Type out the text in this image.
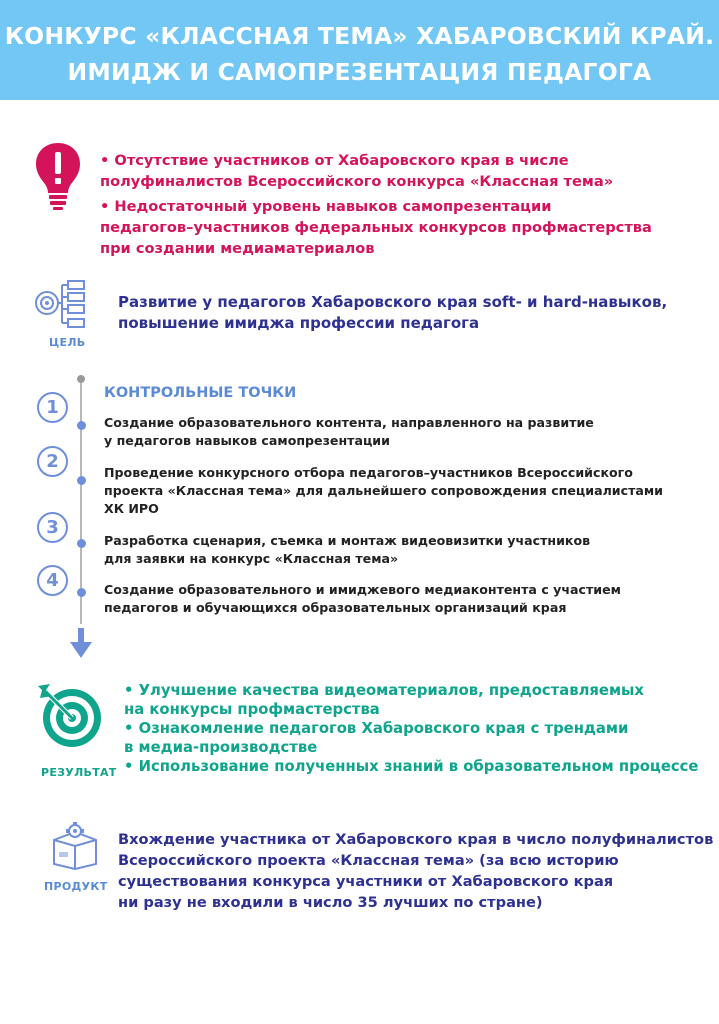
КОНКУРС «КЛАССНАЯ ТЕМА» ХАБАРОВСКИЙ КРАЙ.
ИМИДЖ И САМОПРЕЗЕНТАЦИЯ ПЕДАГОГА
• Отсутствие участников от Хабаровского края в числе
полуфиналистов Всероссийского конкурса «Классная тема»
• Недостаточный уровень навыков самопрезентации
педагогов–участников федеральных конкурсов профмастерства
при создании медиаматериалов
ЦЕЛЬ
Развитие у педагогов Хабаровского края soft- и hard-навыков,
повышение имиджа профессии педагога
КОНТРОЛЬНЫЕ ТОЧКИ
1
2
3
4
Создание образовательного контента, направленного на развитие
у педагогов навыков самопрезентации
Проведение конкурсного отбора педагогов–участников Всероссийского
проекта «Классная тема» для дальнейшего сопровождения специалистами
ХК ИРО
Разработка сценария, съемка и монтаж видеовизитки участников
для заявки на конкурс «Классная тема»
Создание образовательного и имиджевого медиаконтента с участием
педагогов и обучающихся образовательных организаций края
РЕЗУЛЬТАТ
• Улучшение качества видеоматериалов, предоставляемых
на конкурсы профмастерства
• Ознакомление педагогов Хабаровского края с трендами
в медиа-производстве
• Использование полученных знаний в образовательном процессе
ПРОДУКТ
Вхождение участника от Хабаровского края в число полуфиналистов
Всероссийского проекта «Классная тема» (за всю историю
существования конкурса участники от Хабаровского края
ни разу не входили в число 35 лучших по стране)
